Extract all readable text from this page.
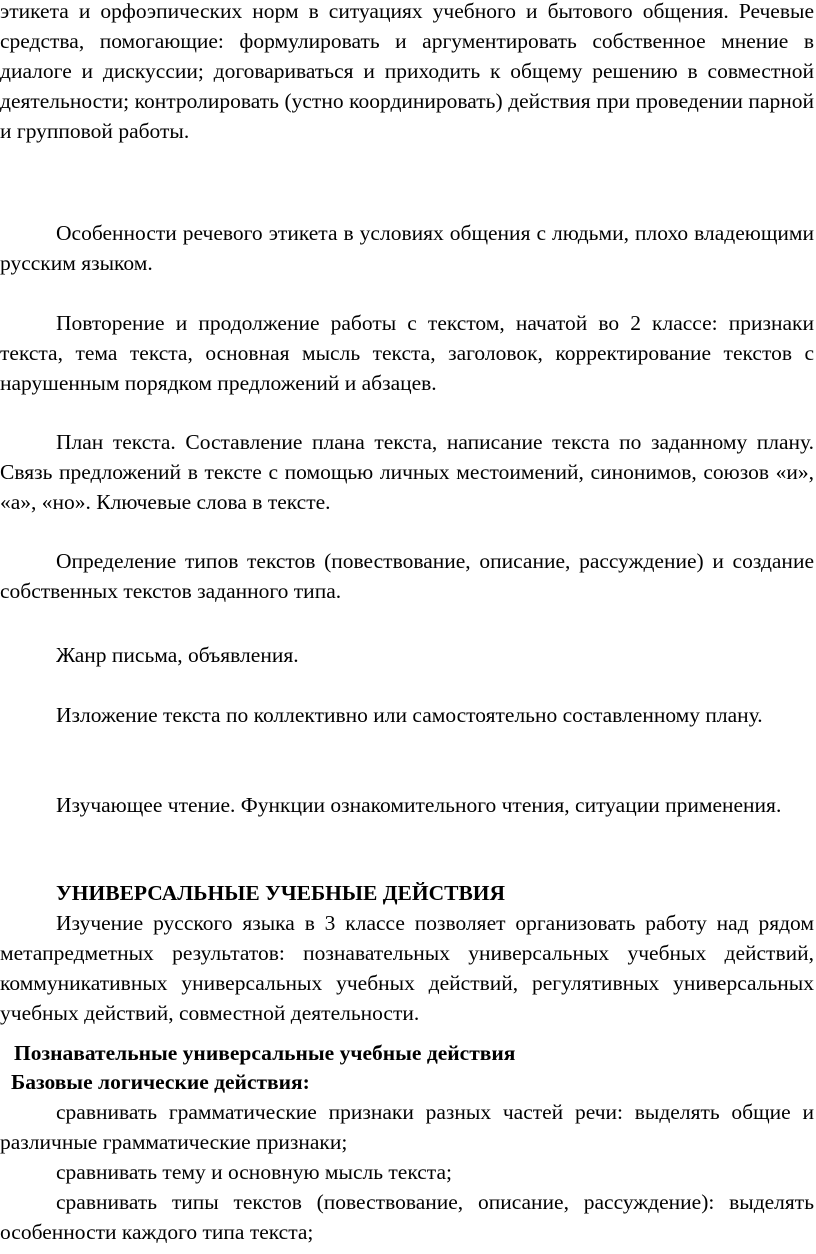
этикета и орфоэпических норм в ситуациях учебного и бытового общения. Речевые средства, помогающие: формулировать и аргументировать собственное мнение в диалоге и дискуссии; договариваться и приходить к общему решению в совместной деятельности; контролировать (устно координировать) действия при проведении парной и групповой работы.

Особенности речевого этикета в условиях общения с людьми, плохо владеющими русским языком.

Повторение и продолжение работы с текстом, начатой во 2 классе: признаки текста, тема текста, основная мысль текста, заголовок, корректирование текстов с нарушенным порядком предложений и абзацев.

План текста. Составление плана текста, написание текста по заданному плану. Связь предложений в тексте с помощью личных местоимений, синонимов, союзов «и», «а», «но». Ключевые слова в тексте.

Определение типов текстов (повествование, описание, рассуждение) и создание собственных текстов заданного типа.

Жанр письма, объявления.

Изложение текста по коллективно или самостоятельно составленному плану.

Изучающее чтение. Функции ознакомительного чтения, ситуации применения.

УНИВЕРСАЛЬНЫЕ УЧЕБНЫЕ ДЕЙСТВИЯ

Изучение русского языка в 3 классе позволяет организовать работу над рядом метапредметных результатов: познавательных универсальных учебных действий, коммуникативных универсальных учебных действий, регулятивных универсальных учебных действий, совместной деятельности.

Познавательные универсальные учебные действия
Базовые логические действия:

сравнивать грамматические признаки разных частей речи: выделять общие и различные грамматические признаки;

сравнивать тему и основную мысль текста;

сравнивать типы текстов (повествование, описание, рассуждение): выделять особенности каждого типа текста;
